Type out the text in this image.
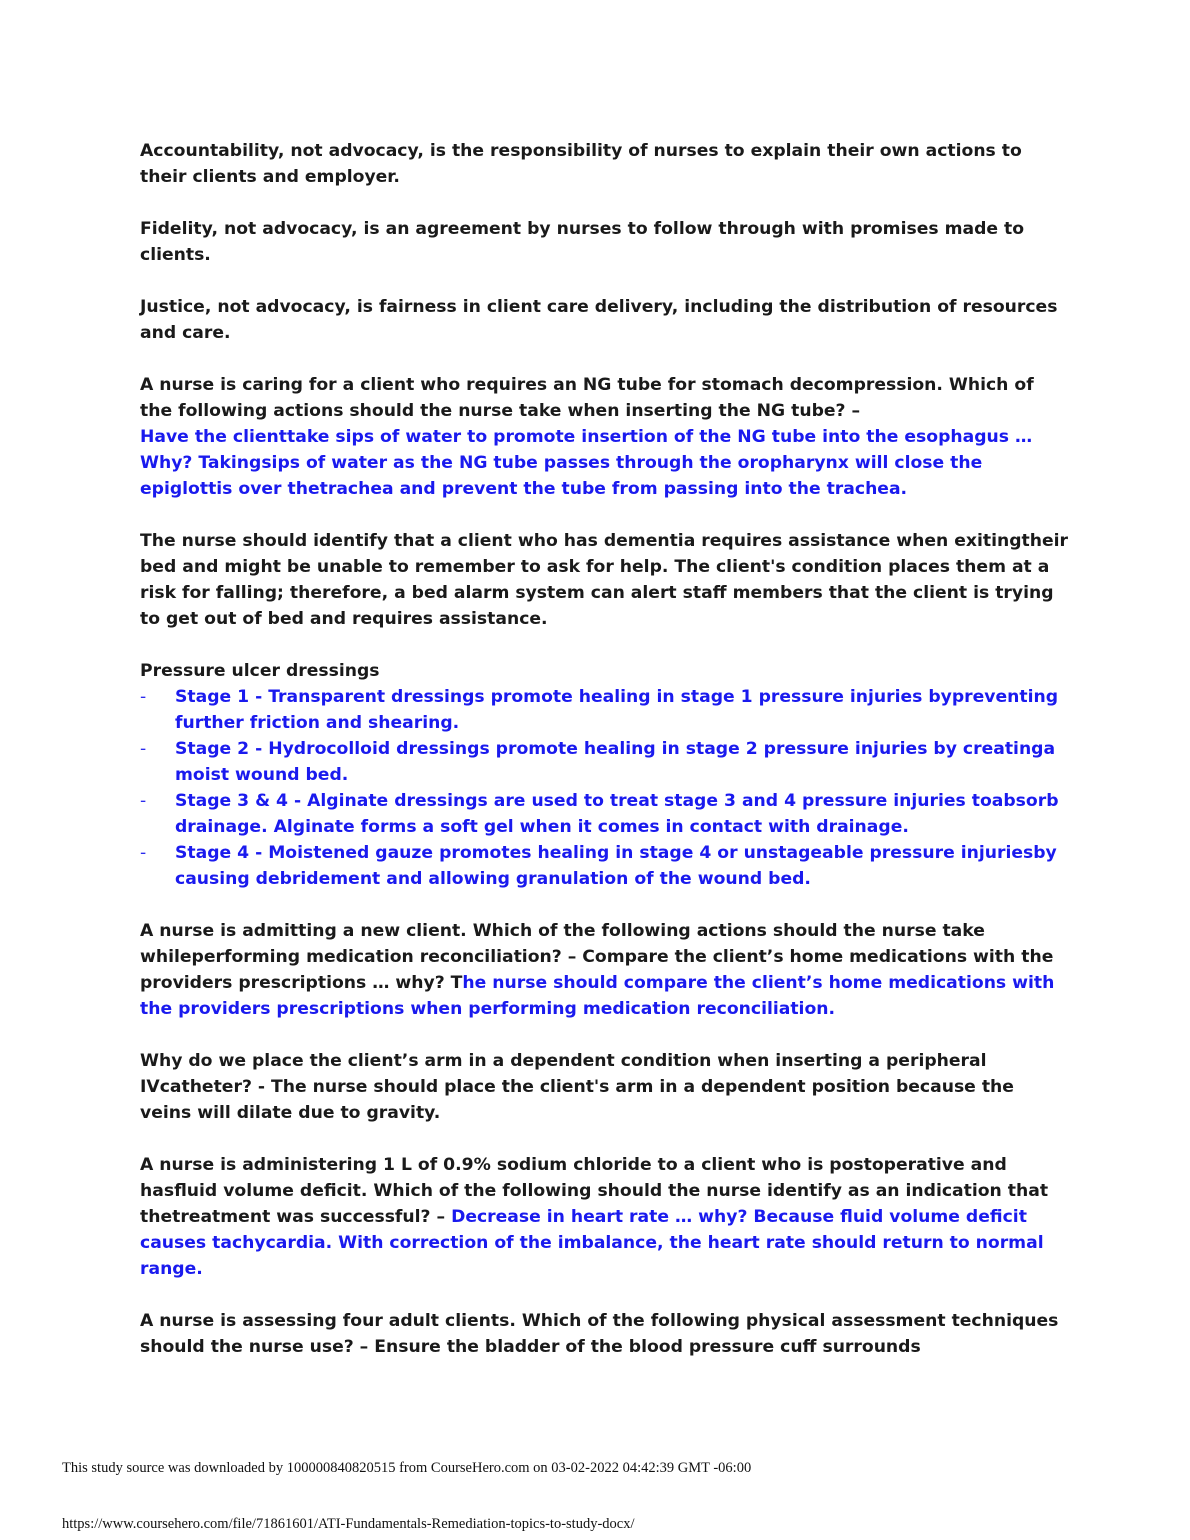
Accountability, not advocacy, is the responsibility of nurses to explain their own actions to their clients and employer.

Fidelity, not advocacy, is an agreement by nurses to follow through with promises made to clients.

Justice, not advocacy, is fairness in client care delivery, including the distribution of resources and care.

A nurse is caring for a client who requires an NG tube for stomach decompression. Which of the following actions should the nurse take when inserting the NG tube? –
Have the clienttake sips of water to promote insertion of the NG tube into the esophagus … Why? Takingsips of water as the NG tube passes through the oropharynx will close the epiglottis over thetrachea and prevent the tube from passing into the trachea.

The nurse should identify that a client who has dementia requires assistance when exitingtheir bed and might be unable to remember to ask for help. The client's condition places them at a risk for falling; therefore, a bed alarm system can alert staff members that the client is trying to get out of bed and requires assistance.

Pressure ulcer dressings
- Stage 1 - Transparent dressings promote healing in stage 1 pressure injuries bypreventing further friction and shearing.
- Stage 2 - Hydrocolloid dressings promote healing in stage 2 pressure injuries by creatinga moist wound bed.
- Stage 3 & 4 - Alginate dressings are used to treat stage 3 and 4 pressure injuries toabsorb drainage. Alginate forms a soft gel when it comes in contact with drainage.
- Stage 4 - Moistened gauze promotes healing in stage 4 or unstageable pressure injuriesby causing debridement and allowing granulation of the wound bed.

A nurse is admitting a new client. Which of the following actions should the nurse take whileperforming medication reconciliation? – Compare the client’s home medications with the providers prescriptions … why? The nurse should compare the client’s home medications with the providers prescriptions when performing medication reconciliation.

Why do we place the client’s arm in a dependent condition when inserting a peripheral IVcatheter? - The nurse should place the client's arm in a dependent position because the veins will dilate due to gravity.

A nurse is administering 1 L of 0.9% sodium chloride to a client who is postoperative and hasfluid volume deficit. Which of the following should the nurse identify as an indication that thetreatment was successful? – Decrease in heart rate … why? Because fluid volume deficit causes tachycardia. With correction of the imbalance, the heart rate should return to normal range.

A nurse is assessing four adult clients. Which of the following physical assessment techniques should the nurse use? – Ensure the bladder of the blood pressure cuff surrounds

This study source was downloaded by 100000840820515 from CourseHero.com on 03-02-2022 04:42:39 GMT -06:00
https://www.coursehero.com/file/71861601/ATI-Fundamentals-Remediation-topics-to-study-docx/
